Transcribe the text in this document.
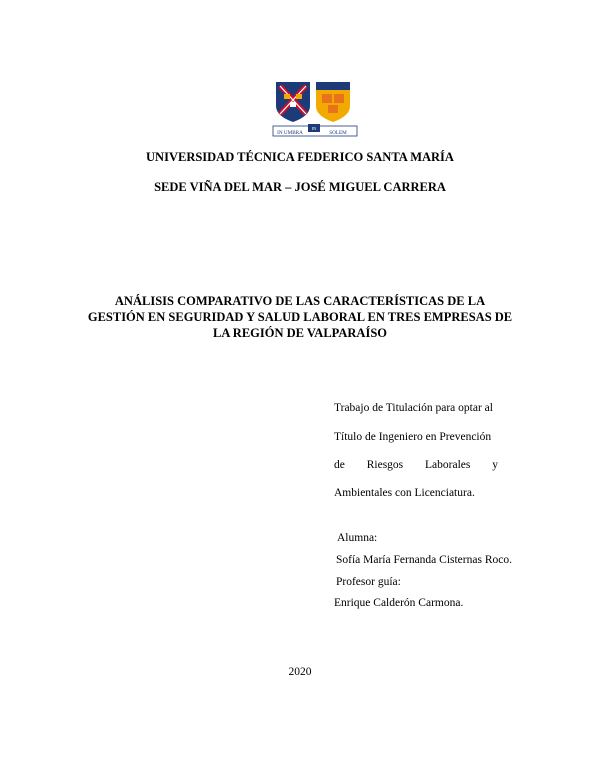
IN UMBRA
IN
SOLEM
UNIVERSIDAD TÉCNICA FEDERICO SANTA MARÍA
SEDE VIÑA DEL MAR – JOSÉ MIGUEL CARRERA
ANÁLISIS COMPARATIVO DE LAS CARACTERÍSTICAS DE LA
GESTIÓN EN SEGURIDAD Y SALUD LABORAL EN TRES EMPRESAS DE
LA REGIÓN DE VALPARAÍSO
Trabajo de Titulación para optar al
Título de Ingeniero en Prevención
de Riesgos Laborales y
Ambientales con Licenciatura.
Alumna:
Sofía María Fernanda Cisternas Roco.
Profesor guía:
Enrique Calderón Carmona.
2020
